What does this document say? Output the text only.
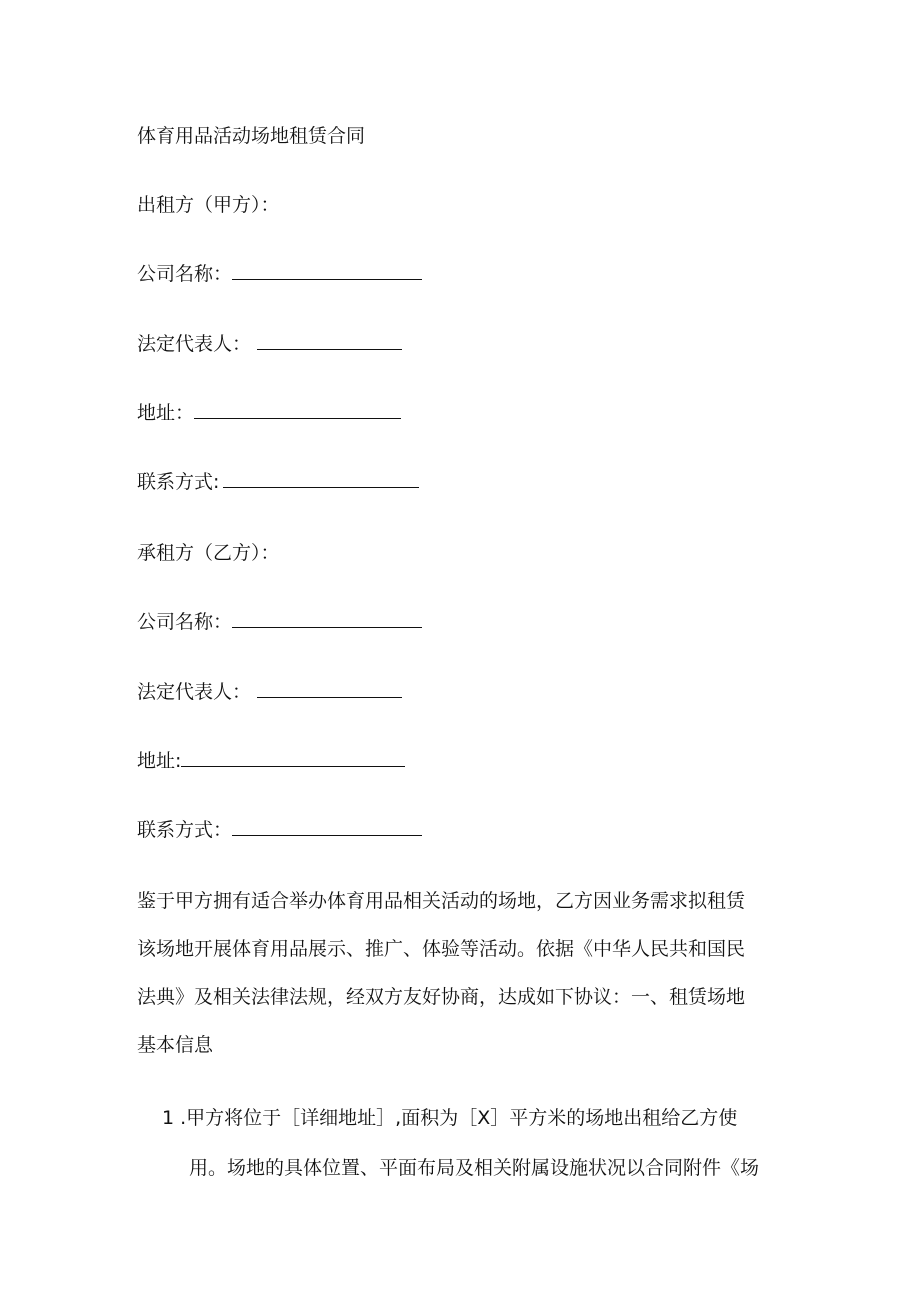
体育用品活动场地租赁合同
出租方（甲方）：
公司名称：
法定代表人：
地址：
联系方式:
承租方（乙方）：
公司名称：
法定代表人：
地址:
联系方式：
鉴于甲方拥有适合举办体育用品相关活动的场地，乙方因业务需求拟租赁
该场地开展体育用品展示、推广、体验等活动。依据《中华人民共和国民
法典》及相关法律法规，经双方友好协商，达成如下协议：一、租赁场地
基本信息
1 .甲方将位于［详细地址］,面积为［X］平方米的场地出租给乙方使
用。场地的具体位置、平面布局及相关附属设施状况以合同附件《场
